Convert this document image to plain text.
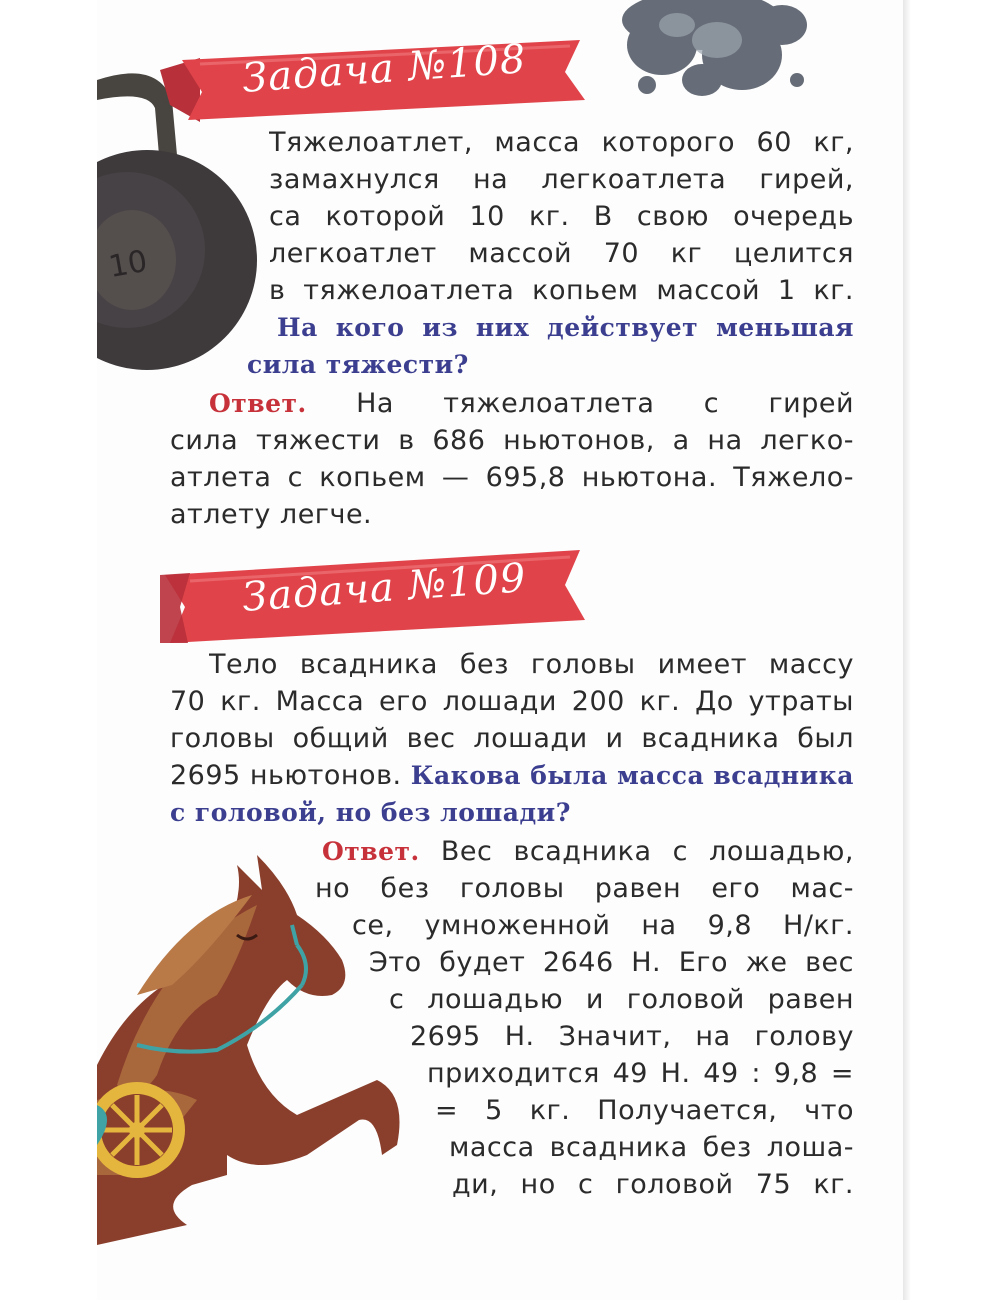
10
Задача №108
Тяжелоатлет, масса которого 60 кг,
замахнулся на легкоатлета гирей,
са которой 10 кг. В свою очередь
легкоатлет массой 70 кг целится
в тяжелоатлета копьем массой 1 кг.
На кого из них действует меньшая
сила тяжести?
Ответ. На тяжелоатлета с гирей
сила тяжести в 686 ньютонов, а на легко-
атлета с копьем — 695,8 ньютона. Тяжело-
атлету легче.
Задача №109
Тело всадника без головы имеет массу
70 кг. Масса его лошади 200 кг. До утраты
головы общий вес лошади и всадника был
2695 ньютонов. Какова была масса всадника
с головой, но без лошади?
Ответ. Вес всадника с лошадью,
но без головы равен его мас-
се, умноженной на 9,8 Н/кг.
Это будет 2646 Н. Его же вес
с лошадью и головой равен
2695 Н. Значит, на голову
приходится 49 Н. 49 : 9,8 =
= 5 кг. Получается, что
масса всадника без лоша-
ди, но с головой 75 кг.
